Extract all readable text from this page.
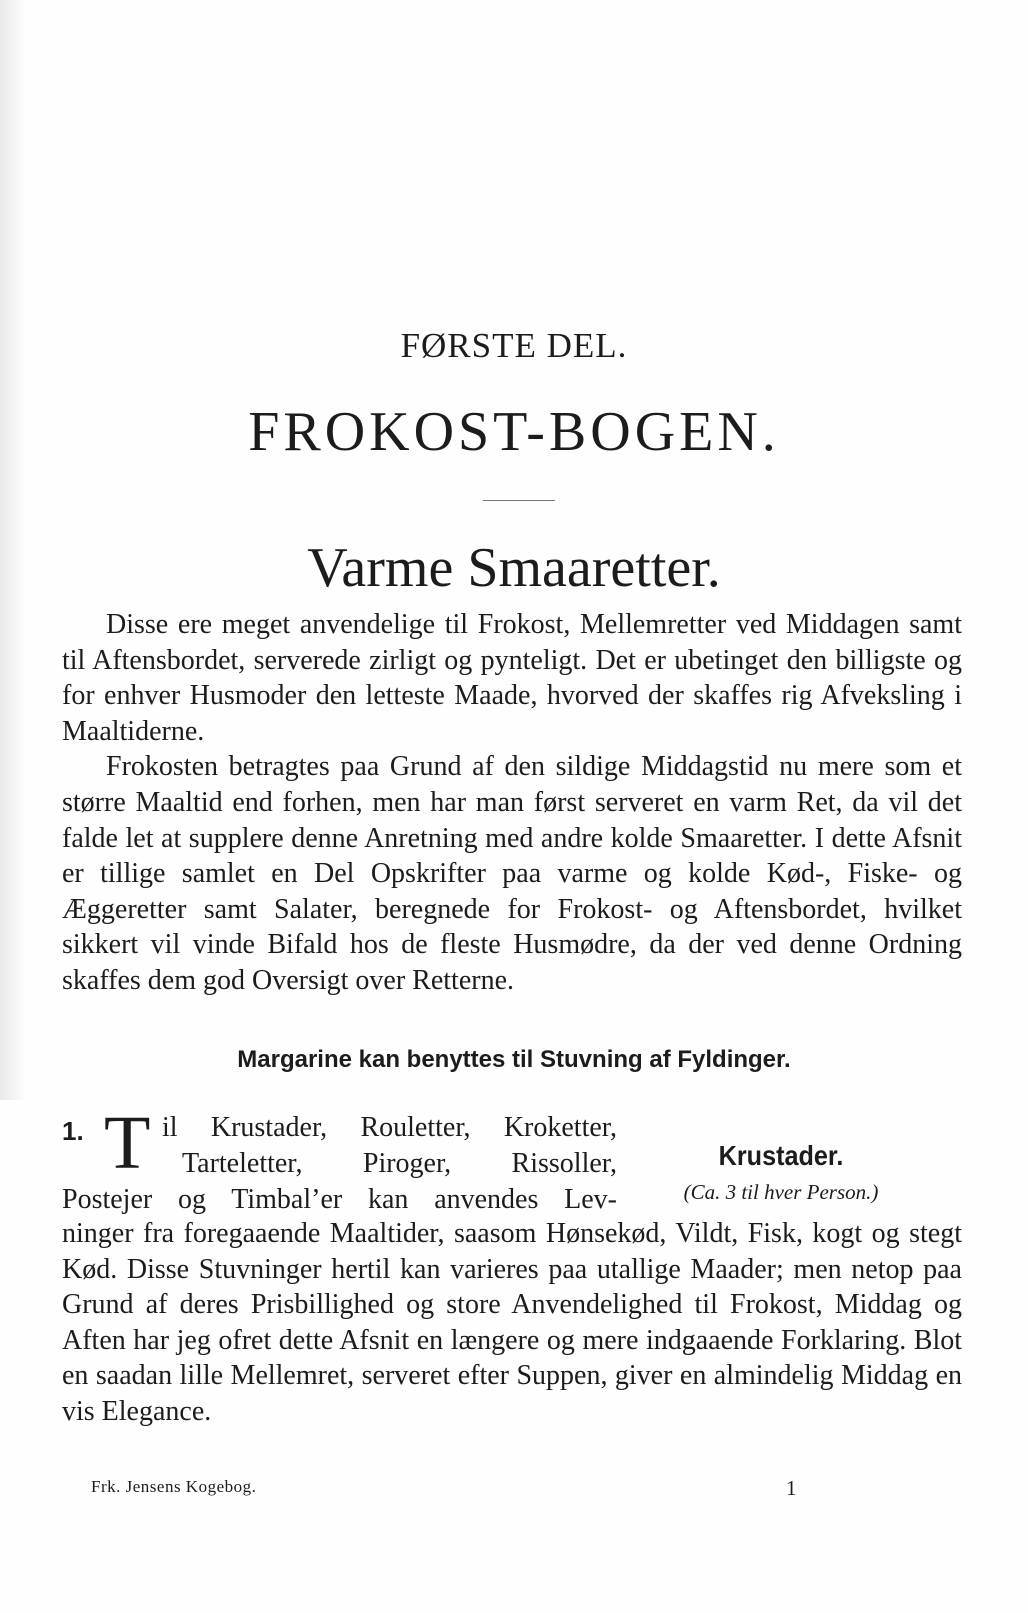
FØRSTE DEL.
FROKOST-BOGEN.
Varme Smaaretter.

Disse ere meget anvendelige til Frokost, Mellemretter ved Middagen samt til Aftensbordet, serverede zirligt og pynteligt. Det er ubetinget den billigste og for enhver Husmoder den letteste Maade, hvorved der skaffes rig Afveksling i Maaltiderne.

Frokosten betragtes paa Grund af den sildige Middagstid nu mere som et større Maaltid end forhen, men har man først serveret en varm Ret, da vil det falde let at supplere denne Anretning med andre kolde Smaaretter. I dette Afsnit er tillige samlet en Del Opskrifter paa varme og kolde Kød-, Fiske- og Æggeretter samt Salater, beregnede for Frokost- og Aftensbordet, hvilket sikkert vil vinde Bifald hos de fleste Husmødre, da der ved denne Ordning skaffes dem god Oversigt over Retterne.

Margarine kan benyttes til Stuvning af Fyldinger.
1. T il Krustader, Rouletter, Kroketter,
Tarteletter, Piroger, Rissoller,
Postejer og Timbal’er kan anvendes Lev-
Krustader.
(Ca. 3 til hver Person.)

ninger fra foregaaende Maaltider, saasom Hønsekød, Vildt, Fisk, kogt og stegt Kød. Disse Stuvninger hertil kan varieres paa utallige Maader; men netop paa Grund af deres Prisbillighed og store Anvendelighed til Frokost, Middag og Aften har jeg ofret dette Afsnit en længere og mere indgaaende Forklaring. Blot en saadan lille Mellemret, serveret efter Suppen, giver en almindelig Middag en vis Elegance.

Frk. Jensens Kogebog.	1
